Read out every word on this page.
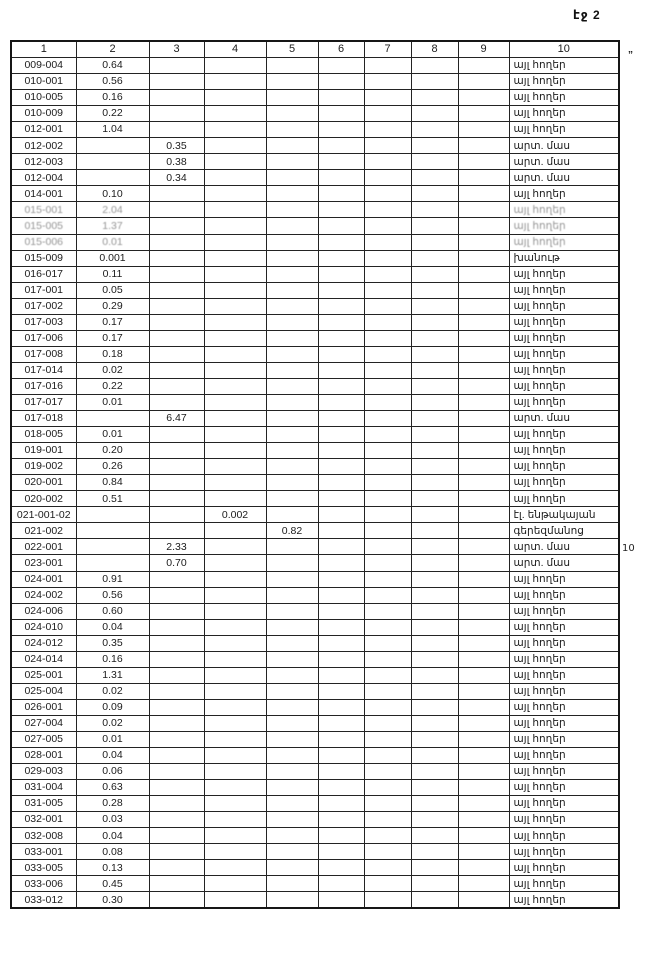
էջ 2
”
10
1	2	3	4	5	6	7	8	9	10
009-004	0.64								այլ հողեր
010-001	0.56								այլ հողեր
010-005	0.16								այլ հողեր
010-009	0.22								այլ հողեր
012-001	1.04								այլ հողեր
012-002		0.35							արտ. մաս
012-003		0.38							արտ. մաս
012-004		0.34							արտ. մաս
014-001	0.10								այլ հողեր
015-001	2.04								այլ հողեր
015-005	1.37								այլ հողեր
015-006	0.01								այլ հողեր
015-009	0.001								խանութ
016-017	0.11								այլ հողեր
017-001	0.05								այլ հողեր
017-002	0.29								այլ հողեր
017-003	0.17								այլ հողեր
017-006	0.17								այլ հողեր
017-008	0.18								այլ հողեր
017-014	0.02								այլ հողեր
017-016	0.22								այլ հողեր
017-017	0.01								այլ հողեր
017-018		6.47							արտ. մաս
018-005	0.01								այլ հողեր
019-001	0.20								այլ հողեր
019-002	0.26								այլ հողեր
020-001	0.84								այլ հողեր
020-002	0.51								այլ հողեր
021-001-02			0.002						էլ. ենթակայան
021-002				0.82					գերեզմանոց
022-001		2.33							արտ. մաս
023-001		0.70							արտ. մաս
024-001	0.91								այլ հողեր
024-002	0.56								այլ հողեր
024-006	0.60								այլ հողեր
024-010	0.04								այլ հողեր
024-012	0.35								այլ հողեր
024-014	0.16								այլ հողեր
025-001	1.31								այլ հողեր
025-004	0.02								այլ հողեր
026-001	0.09								այլ հողեր
027-004	0.02								այլ հողեր
027-005	0.01								այլ հողեր
028-001	0.04								այլ հողեր
029-003	0.06								այլ հողեր
031-004	0.63								այլ հողեր
031-005	0.28								այլ հողեր
032-001	0.03								այլ հողեր
032-008	0.04								այլ հողեր
033-001	0.08								այլ հողեր
033-005	0.13								այլ հողեր
033-006	0.45								այլ հողեր
033-012	0.30								այլ հողեր
